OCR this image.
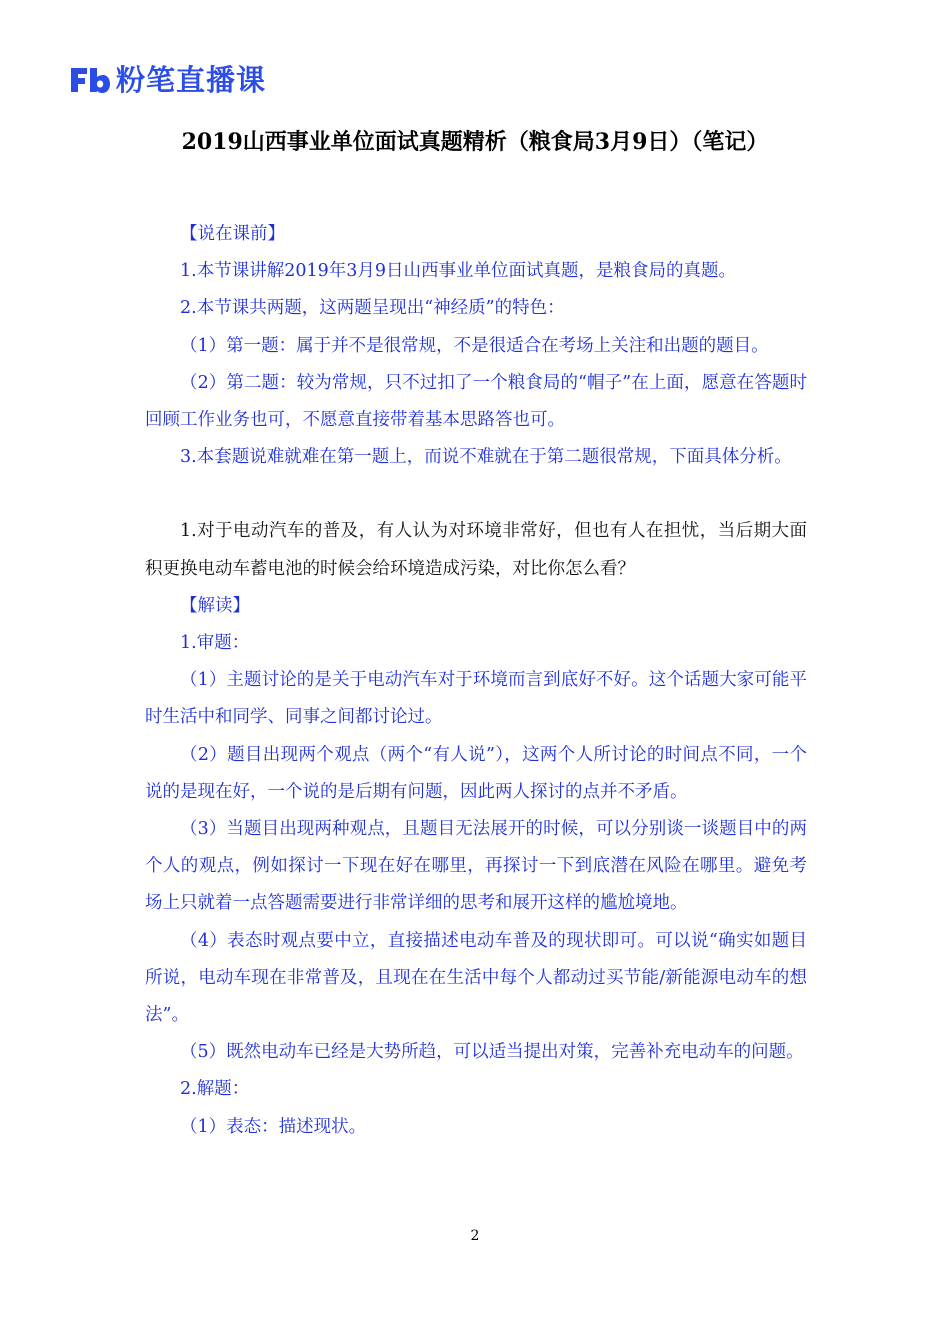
粉笔直播课
2019山西事业单位面试真题精析（粮食局3月9日）（笔记）

【说在课前】

1.本节课讲解2019年3月9日山西事业单位面试真题，是粮食局的真题。

2.本节课共两题，这两题呈现出“神经质”的特色：

（1）第一题：属于并不是很常规，不是很适合在考场上关注和出题的题目。

（2）第二题：较为常规，只不过扣了一个粮食局的“帽子”在上面，愿意在答题时回顾工作业务也可，不愿意直接带着基本思路答也可。

3.本套题说难就难在第一题上，而说不难就在于第二题很常规，下面具体分析。

1.对于电动汽车的普及，有人认为对环境非常好，但也有人在担忧，当后期大面积更换电动车蓄电池的时候会给环境造成污染，对比你怎么看？

【解读】

1.审题：

（1）主题讨论的是关于电动汽车对于环境而言到底好不好。这个话题大家可能平时生活中和同学、同事之间都讨论过。

（2）题目出现两个观点（两个“有人说”），这两个人所讨论的时间点不同，一个说的是现在好，一个说的是后期有问题，因此两人探讨的点并不矛盾。

（3）当题目出现两种观点，且题目无法展开的时候，可以分别谈一谈题目中的两个人的观点，例如探讨一下现在好在哪里，再探讨一下到底潜在风险在哪里。避免考场上只就着一点答题需要进行非常详细的思考和展开这样的尴尬境地。

（4）表态时观点要中立，直接描述电动车普及的现状即可。可以说“确实如题目所说，电动车现在非常普及，且现在在生活中每个人都动过买节能/新能源电动车的想法”。

（5）既然电动车已经是大势所趋，可以适当提出对策，完善补充电动车的问题。

2.解题：

（1）表态：描述现状。

2
